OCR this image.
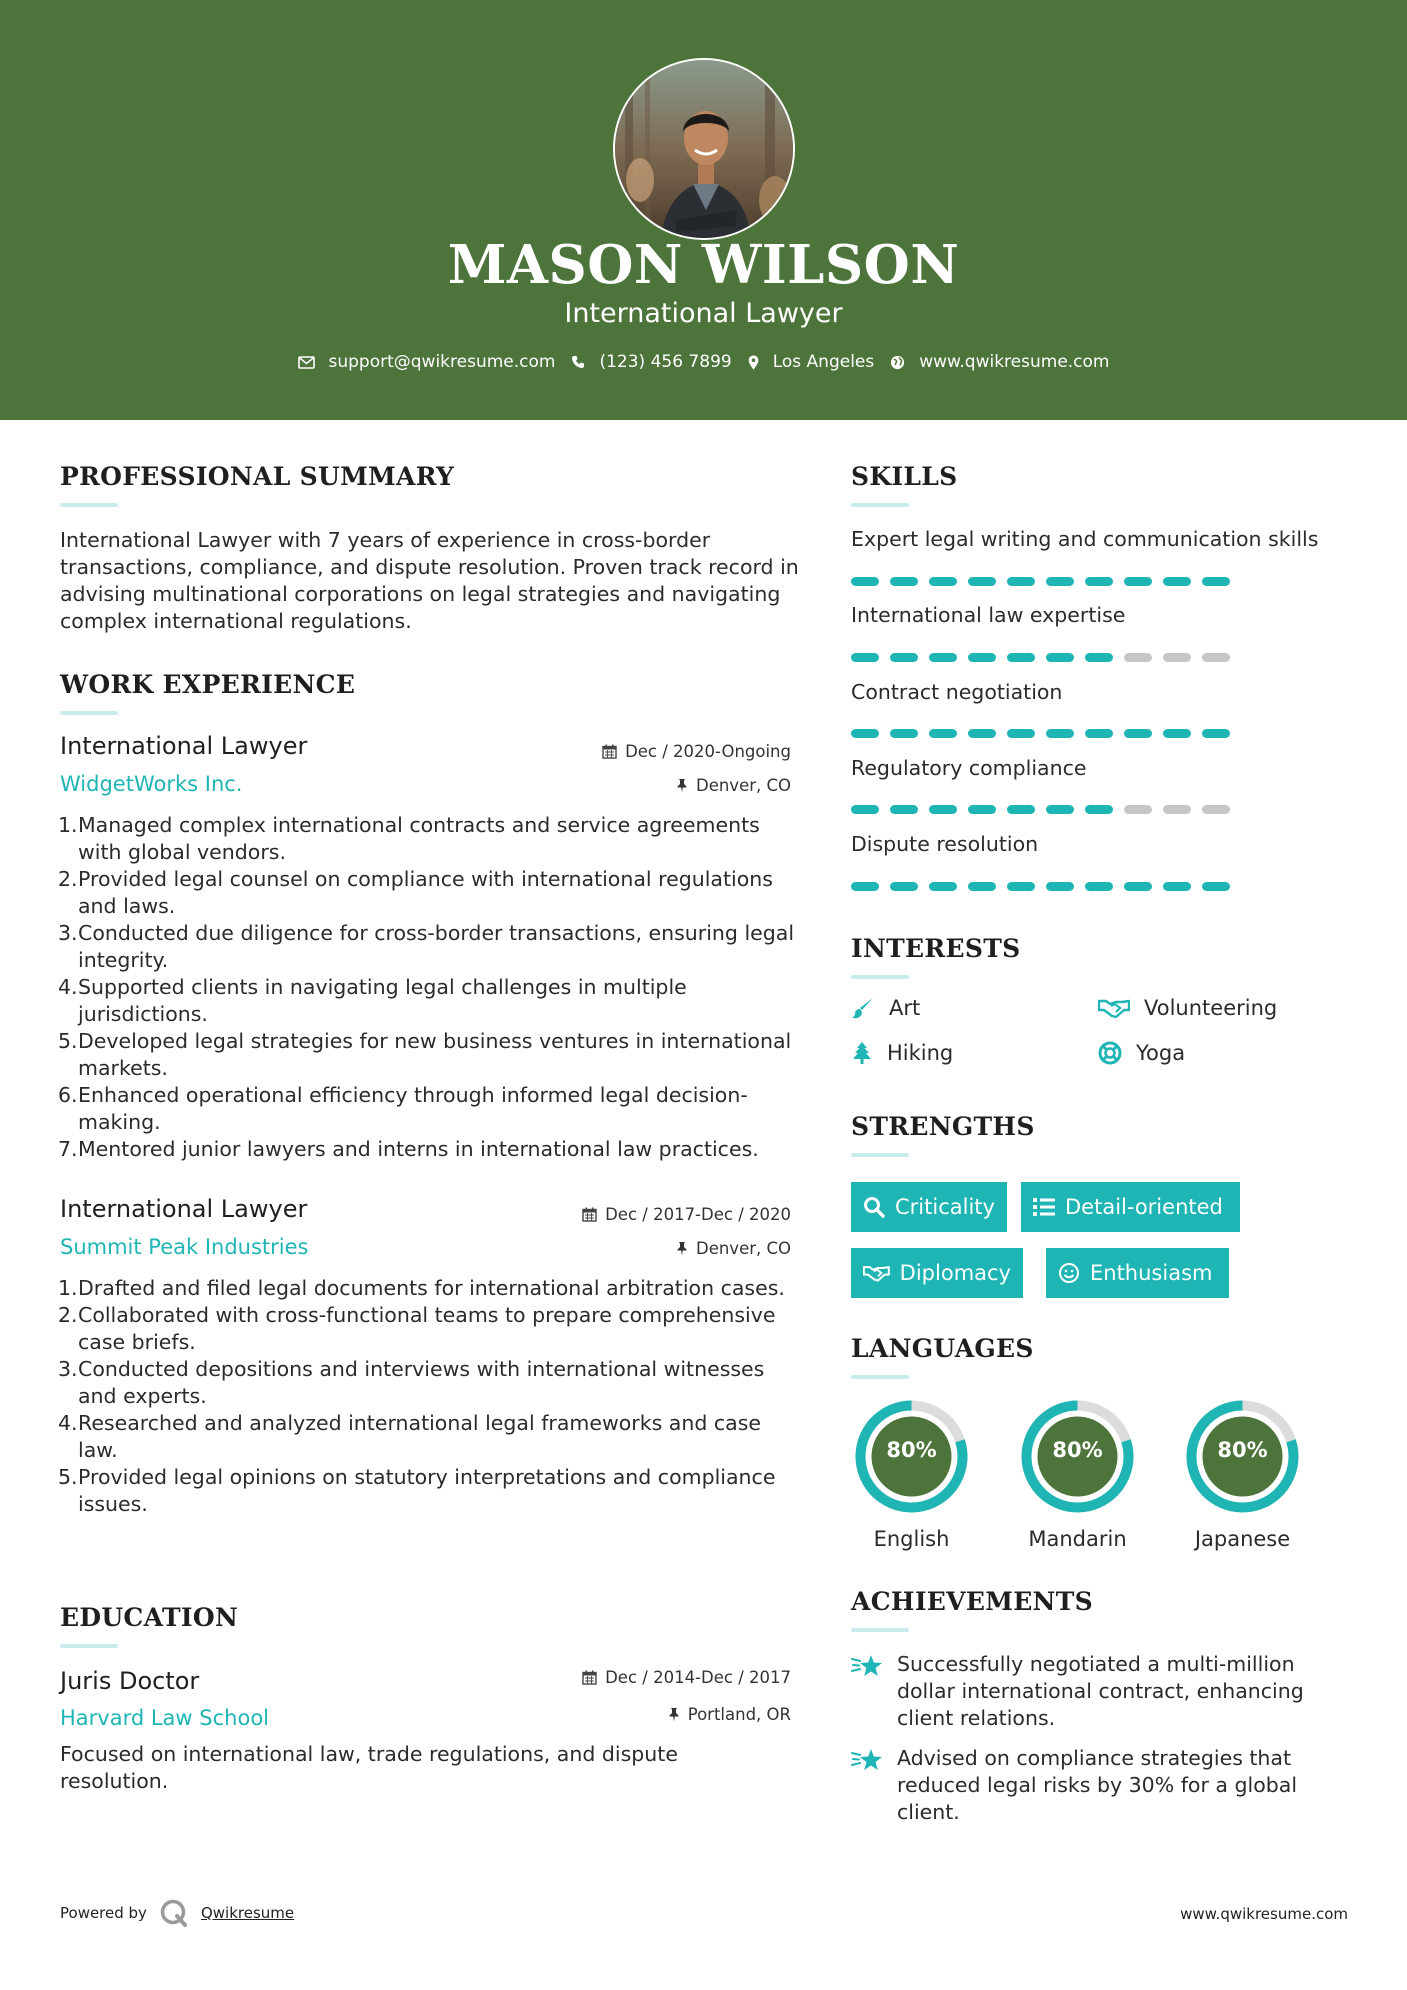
MASON WILSON
International Lawyer
support@qwikresume.com	(123) 456 7899 Los Angeles	www.qwikresume.com
PROFESSIONAL SUMMARY
International Lawyer with 7 years of experience in cross-border transactions, compliance, and dispute resolution. Proven track record in advising multinational corporations on legal strategies and navigating complex international regulations.
WORK EXPERIENCE
International Lawyer	Dec / 2020-Ongoing
WidgetWorks Inc.	Denver, CO
1. Managed complex international contracts and service agreements with global vendors.
2. Provided legal counsel on compliance with international regulations and laws.
3. Conducted due diligence for cross-border transactions, ensuring legal integrity.
4. Supported clients in navigating legal challenges in multiple jurisdictions.
5. Developed legal strategies for new business ventures in international markets.
6. Enhanced operational efficiency through informed legal decision-making.
7. Mentored junior lawyers and interns in international law practices.
International Lawyer	Dec / 2017-Dec / 2020
Summit Peak Industries	Denver, CO
1. Drafted and filed legal documents for international arbitration cases.
2. Collaborated with cross-functional teams to prepare comprehensive case briefs.
3. Conducted depositions and interviews with international witnesses and experts.
4. Researched and analyzed international legal frameworks and case law.
5. Provided legal opinions on statutory interpretations and compliance issues.
EDUCATION
Juris Doctor	Dec / 2014-Dec / 2017
Harvard Law School	Portland, OR
Focused on international law, trade regulations, and dispute resolution.
SKILLS
Expert legal writing and communication skills
International law expertise
Contract negotiation
Regulatory compliance
Dispute resolution
INTERESTS
Art	Volunteering
Hiking	Yoga
STRENGTHS
Criticality	Detail-oriented
Diplomacy	Enthusiasm
LANGUAGES
80%
English
80%
Mandarin
80%
Japanese
ACHIEVEMENTS
Successfully negotiated a multi-million dollar international contract, enhancing client relations.
Advised on compliance strategies that reduced legal risks by 30% for a global client.
Powered by	Qwikresume	www.qwikresume.com
